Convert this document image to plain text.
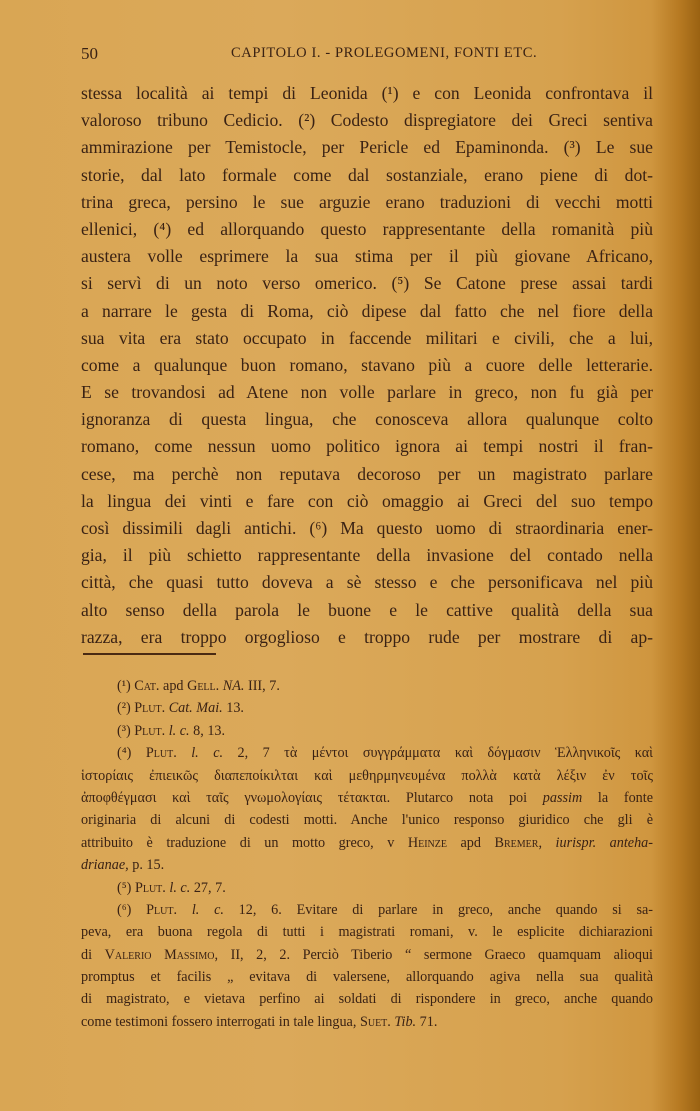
50	CAPITOLO I. - PROLEGOMENI, FONTI ETC.
stessa località ai tempi di Leonida (¹) e con Leonida confrontava il
valoroso tribuno Cedicio. (²) Codesto dispregiatore dei Greci sentiva
ammirazione per Temistocle, per Pericle ed Epaminonda. (³) Le sue
storie, dal lato formale come dal sostanziale, erano piene di dot-
trina greca, persino le sue arguzie erano traduzioni di vecchi motti
ellenici, (⁴) ed allorquando questo rappresentante della romanità più
austera volle esprimere la sua stima per il più giovane Africano,
si servì di un noto verso omerico. (⁵) Se Catone prese assai tardi
a narrare le gesta di Roma, ciò dipese dal fatto che nel fiore della
sua vita era stato occupato in faccende militari e civili, che a lui,
come a qualunque buon romano, stavano più a cuore delle letterarie.
E se trovandosi ad Atene non volle parlare in greco, non fu già per
ignoranza di questa lingua, che conosceva allora qualunque colto
romano, come nessun uomo politico ignora ai tempi nostri il fran-
cese, ma perchè non reputava decoroso per un magistrato parlare
la lingua dei vinti e fare con ciò omaggio ai Greci del suo tempo
così dissimili dagli antichi. (⁶) Ma questo uomo di straordinaria ener-
gia, il più schietto rappresentante della invasione del contado nella
città, che quasi tutto doveva a sè stesso e che personificava nel più
alto senso della parola le buone e le cattive qualità della sua
razza, era troppo orgoglioso e troppo rude per mostrare di ap-
(¹) Cat. apd Gell. NA. III, 7.
(²) Plut. Cat. Mai. 13.
(³) Plut. l. c. 8, 13.
(⁴) Plut. l. c. 2, 7 τὰ μέντοι συγγράμματα καὶ δόγμασιν Ἑλληνικοῖς καὶ
ἱστορίαις ἐπιεικῶς διαπεποίκιλται καὶ μεθηρμηνευμένα πολλὰ κατὰ λέξιν ἐν τοῖς
ἀποφθέγμασι καὶ ταῖς γνωμολογίαις τέτακται. Plutarco nota poi passim la fonte
originaria di alcuni di codesti motti. Anche l'unico responso giuridico che gli è
attribuito è traduzione di un motto greco, v Heinze apd Bremer, iurispr. anteha-
drianae, p. 15.
(⁵) Plut. l. c. 27, 7.
(⁶) Plut. l. c. 12, 6. Evitare di parlare in greco, anche quando si sa-
peva, era buona regola di tutti i magistrati romani, v. le esplicite dichiarazioni
di Valerio Massimo, II, 2, 2. Perciò Tiberio “ sermone Graeco quamquam alioqui
promptus et facilis „ evitava di valersene, allorquando agiva nella sua qualità
di magistrato, e vietava perfino ai soldati di rispondere in greco, anche quando
come testimoni fossero interrogati in tale lingua, Suet. Tib. 71.
